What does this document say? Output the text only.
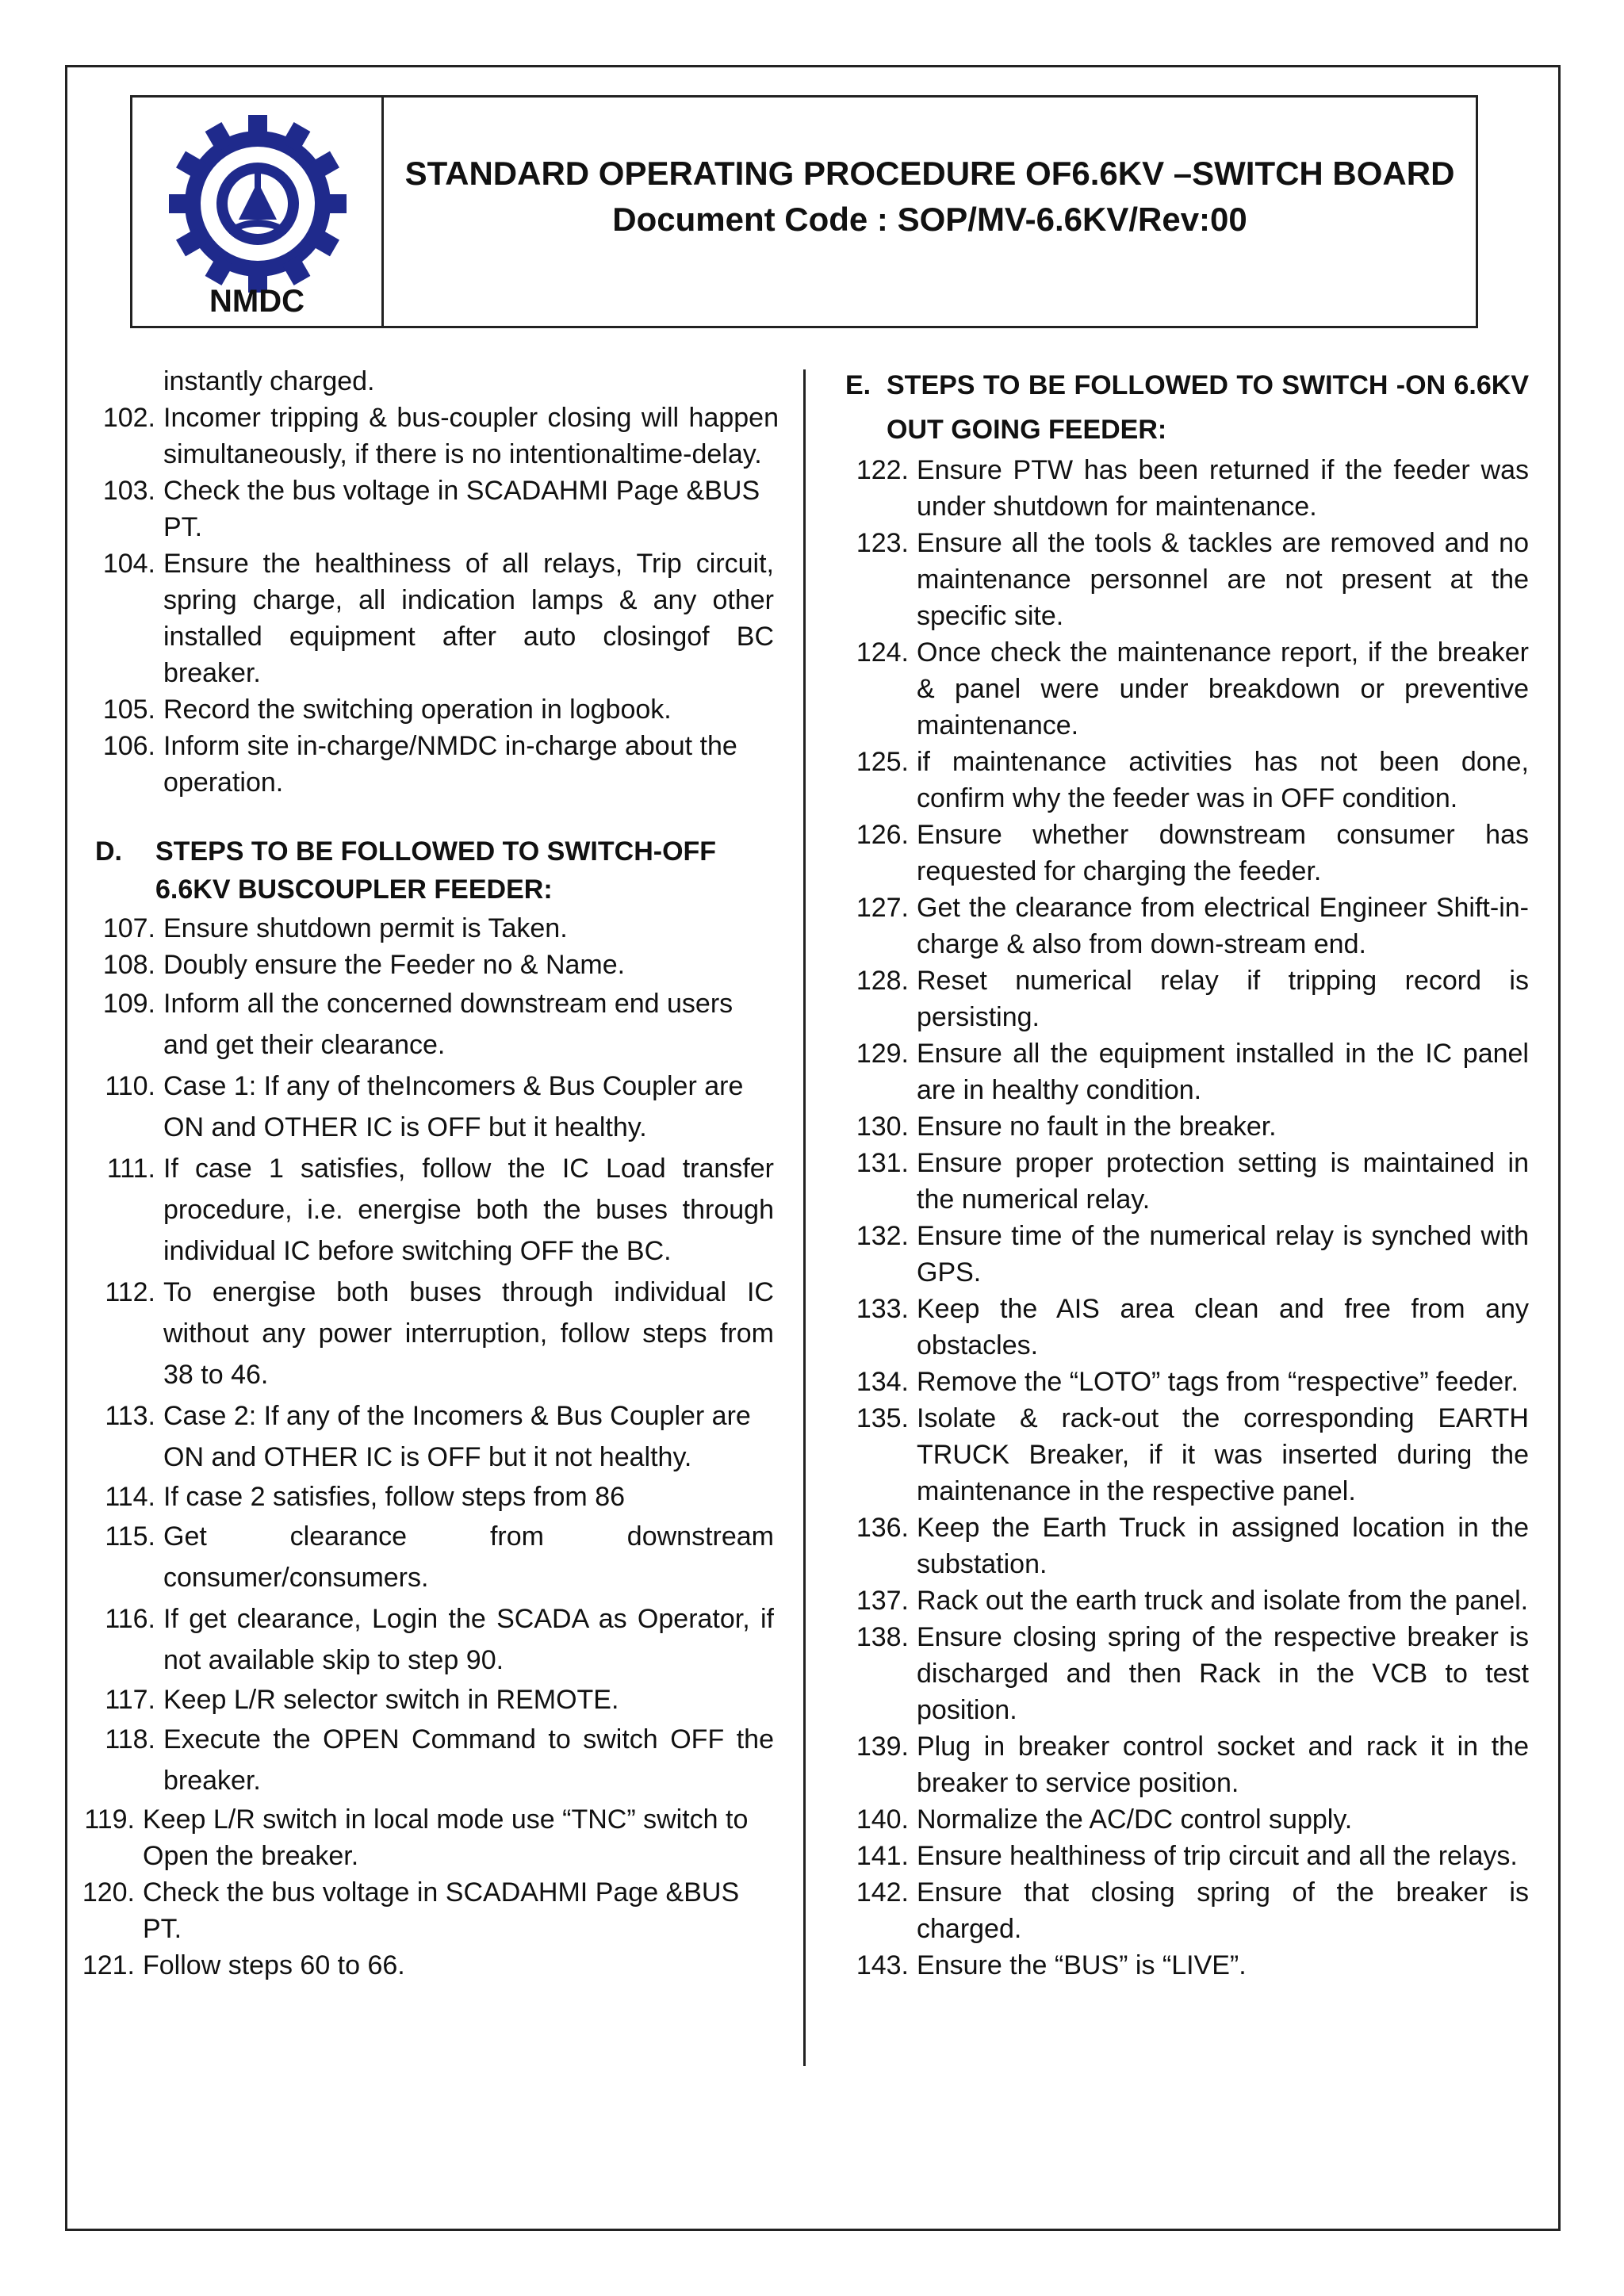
NMDC
STANDARD OPERATING PROCEDURE OF6.6KV –SWITCH BOARD
Document Code : SOP/MV-6.6KV/Rev:00
instantly charged.
102. Incomer tripping & bus-coupler closing will happen simultaneously, if there is no intentionaltime-delay.
103. Check the bus voltage in SCADAHMI Page &BUS PT.
104. Ensure the healthiness of all relays, Trip circuit, spring charge, all indication lamps & any other installed equipment after auto closingof BC breaker.
105. Record the switching operation in logbook.
106. Inform site in-charge/NMDC in-charge about the operation.
D.	STEPS TO BE FOLLOWED TO SWITCH-OFF 6.6KV BUSCOUPLER FEEDER:
107. Ensure shutdown permit is Taken.
108. Doubly ensure the Feeder no & Name.
109. Inform all the concerned downstream end users and get their clearance.
110. Case 1: If any of theIncomers & Bus Coupler are ON and OTHER IC is OFF but it healthy.
111. If case 1 satisfies, follow the IC Load transfer procedure, i.e. energise both the buses through individual IC before switching OFF the BC.
112. To energise both buses through individual IC without any power interruption, follow steps from 38 to 46.
113. Case 2: If any of the Incomers & Bus Coupler are ON and OTHER IC is OFF but it not healthy.
114. If case 2 satisfies, follow steps from 86
115. Get clearance from downstream consumer/consumers.
116. If get clearance, Login the SCADA as Operator, if not available skip to step 90.
117. Keep L/R selector switch in REMOTE.
118. Execute the OPEN Command to switch OFF the breaker.
119. Keep L/R switch in local mode use “TNC” switch to Open the breaker.
120. Check the bus voltage in SCADAHMI Page &BUS PT.
121. Follow steps 60 to 66.
E. STEPS TO BE FOLLOWED TO SWITCH -ON 6.6KV OUT GOING FEEDER:
122. Ensure PTW has been returned if the feeder was under shutdown for maintenance.
123. Ensure all the tools & tackles are removed and no maintenance personnel are not present at the specific site.
124. Once check the maintenance report, if the breaker & panel were under breakdown or preventive maintenance.
125. if maintenance activities has not been done, confirm why the feeder was in OFF condition.
126. Ensure whether downstream consumer has requested for charging the feeder.
127. Get the clearance from electrical Engineer Shift-in-charge & also from down-stream end.
128. Reset numerical relay if tripping record is persisting.
129. Ensure all the equipment installed in the IC panel are in healthy condition.
130. Ensure no fault in the breaker.
131. Ensure proper protection setting is maintained in the numerical relay.
132. Ensure time of the numerical relay is synched with GPS.
133. Keep the AIS area clean and free from any obstacles.
134. Remove the “LOTO” tags from “respective” feeder.
135. Isolate & rack-out the corresponding EARTH TRUCK Breaker, if it was inserted during the maintenance in the respective panel.
136. Keep the Earth Truck in assigned location in the substation.
137. Rack out the earth truck and isolate from the panel.
138. Ensure closing spring of the respective breaker is discharged and then Rack in the VCB to test position.
139. Plug in breaker control socket and rack it in the breaker to service position.
140. Normalize the AC/DC control supply.
141. Ensure healthiness of trip circuit and all the relays.
142. Ensure that closing spring of the breaker is charged.
143. Ensure the “BUS” is “LIVE”.
